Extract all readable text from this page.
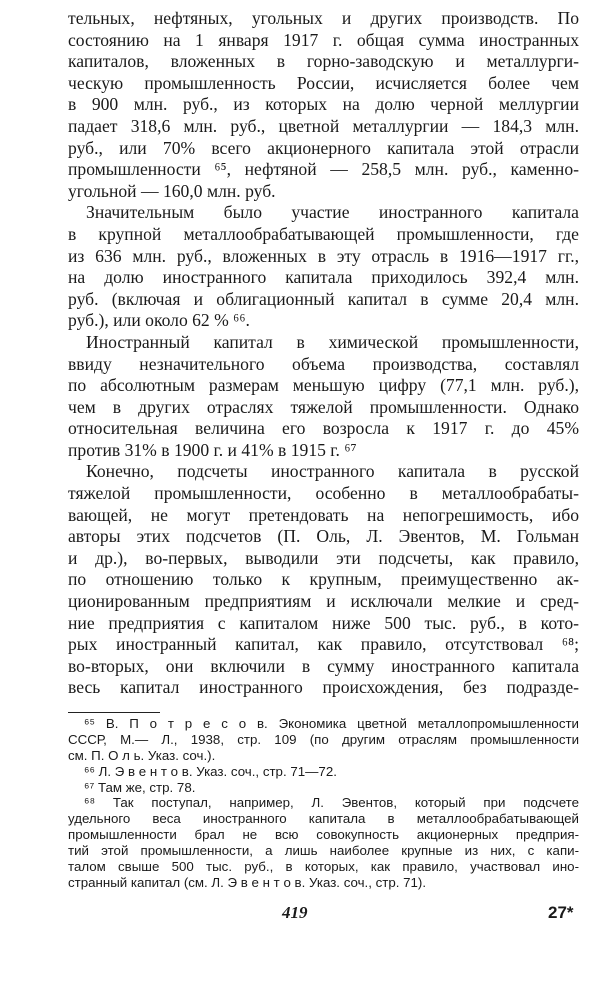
тельных, нефтяных, угольных и других производств. По
состоянию на 1 января 1917 г. общая сумма иностранных
капиталов, вложенных в горно-заводскую и металлурги-
ческую промышленность России, исчисляется более чем
в 900 млн. руб., из которых на долю черной меллургии
падает 318,6 млн. руб., цветной металлургии — 184,3 млн.
руб., или 70% всего акционерного капитала этой отрасли
промышленности ⁶⁵, нефтяной — 258,5 млн. руб., каменно-
угольной — 160,0 млн. руб.
Значительным было участие иностранного капитала
в крупной металлообрабатывающей промышленности, где
из 636 млн. руб., вложенных в эту отрасль в 1916—1917 гг.,
на долю иностранного капитала приходилось 392,4 млн.
руб. (включая и облигационный капитал в сумме 20,4 млн.
руб.), или около 62 % ⁶⁶.
Иностранный капитал в химической промышленности,
ввиду незначительного объема производства, составлял
по абсолютным размерам меньшую цифру (77,1 млн. руб.),
чем в других отраслях тяжелой промышленности. Однако
относительная величина его возросла к 1917 г. до 45%
против 31% в 1900 г. и 41% в 1915 г. ⁶⁷
Конечно, подсчеты иностранного капитала в русской
тяжелой промышленности, особенно в металлообрабаты-
вающей, не могут претендовать на непогрешимость, ибо
авторы этих подсчетов (П. Оль, Л. Эвентов, М. Гольман
и др.), во-первых, выводили эти подсчеты, как правило,
по отношению только к крупным, преимущественно ак-
ционированным предприятиям и исключали мелкие и сред-
ние предприятия с капиталом ниже 500 тыс. руб., в кото-
рых иностранный капитал, как правило, отсутствовал ⁶⁸;
во-вторых, они включили в сумму иностранного капитала
весь капитал иностранного происхождения, без подразде-
⁶⁵ В. П о т р е с о в. Экономика цветной металлопромышленности
СССР, М.— Л., 1938, стр. 109 (по другим отраслям промышленности
см. П. О л ь. Указ. соч.).
⁶⁶ Л. Э в е н т о в. Указ. соч., стр. 71—72.
⁶⁷ Там же, стр. 78.
⁶⁸ Так поступал, например, Л. Эвентов, который при подсчете
удельного веса иностранного капитала в металлообрабатывающей
промышленности брал не всю совокупность акционерных предприя-
тий этой промышленности, а лишь наиболее крупные из них, с капи-
талом свыше 500 тыс. руб., в которых, как правило, участвовал ино-
странный капитал (см. Л. Э в е н т о в. Указ. соч., стр. 71).
419	27*
